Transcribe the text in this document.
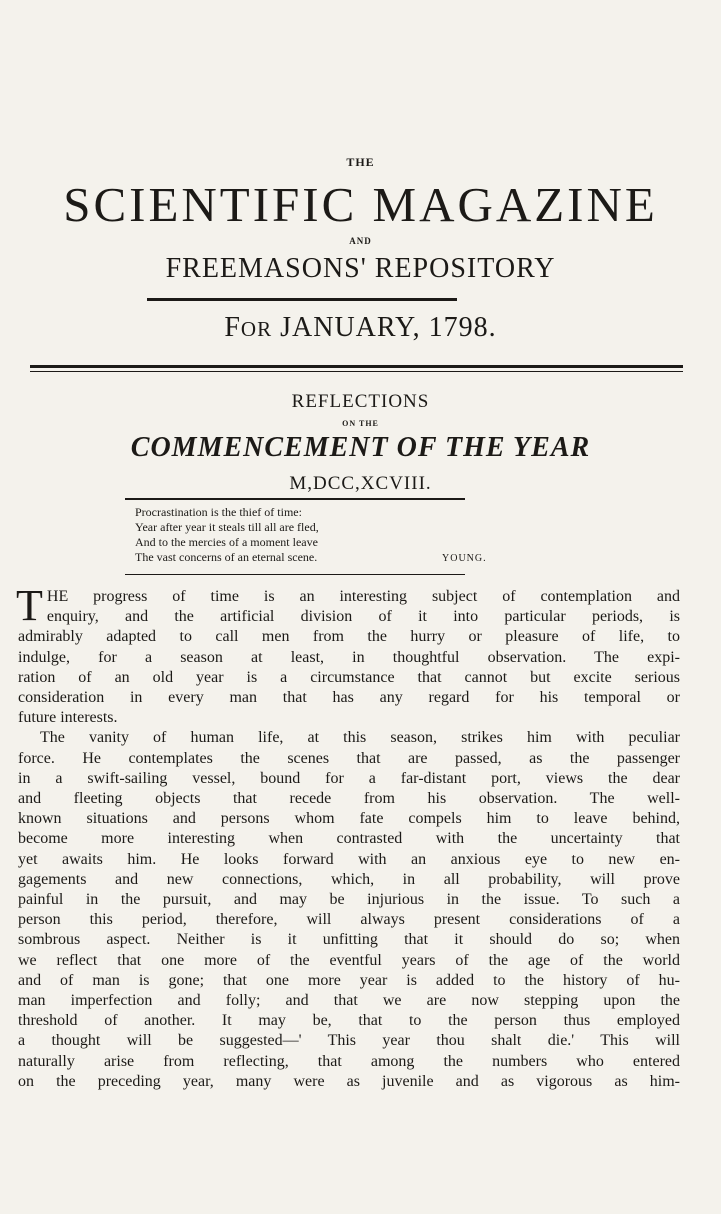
THE
SCIENTIFIC MAGAZINE
AND
FREEMASONS' REPOSITORY
FOR JANUARY, 1798.
REFLECTIONS
ON THE
COMMENCEMENT OF THE YEAR
M,DCC,XCVIII.
Procrastination is the thief of time:
Year after year it steals till all are fled,
And to the mercies of a moment leave
The vast concerns of an eternal scene.	YOUNG.
T HE progress of time is an interesting subject of contemplation and
enquiry, and the artificial division of it into particular periods, is
admirably adapted to call men from the hurry or pleasure of life, to
indulge, for a season at least, in thoughtful observation. The expi-
ration of an old year is a circumstance that cannot but excite serious
consideration in every man that has any regard for his temporal or
future interests.
The vanity of human life, at this season, strikes him with peculiar
force. He contemplates the scenes that are passed, as the passenger
in a swift-sailing vessel, bound for a far-distant port, views the dear
and fleeting objects that recede from his observation. The well-
known situations and persons whom fate compels him to leave behind,
become more interesting when contrasted with the uncertainty that
yet awaits him. He looks forward with an anxious eye to new en-
gagements and new connections, which, in all probability, will prove
painful in the pursuit, and may be injurious in the issue. To such a
person this period, therefore, will always present considerations of a
sombrous aspect. Neither is it unfitting that it should do so; when
we reflect that one more of the eventful years of the age of the world
and of man is gone; that one more year is added to the history of hu-
man imperfection and folly; and that we are now stepping upon the
threshold of another. It may be, that to the person thus employed
a thought will be suggested—' This year thou shalt die.' This will
naturally arise from reflecting, that among the numbers who entered
on the preceding year, many were as juvenile and as vigorous as him-
